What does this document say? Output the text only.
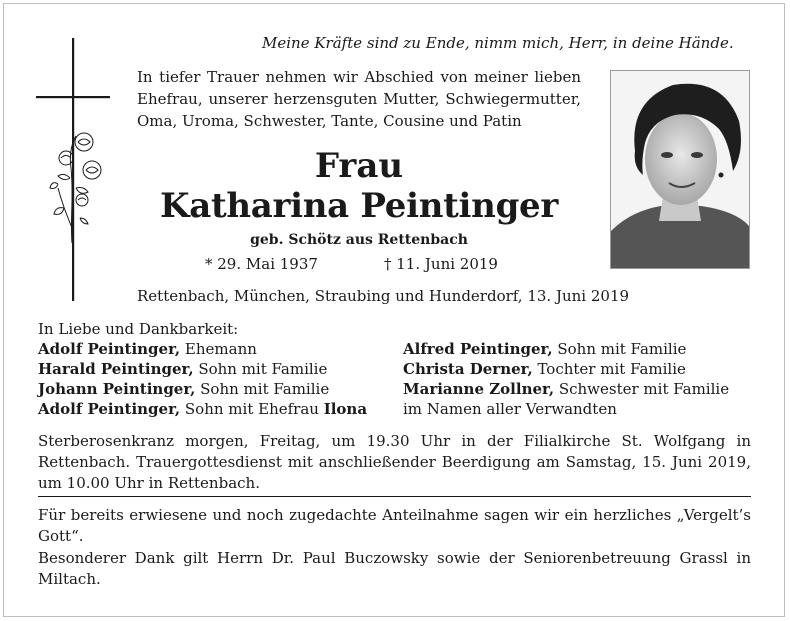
Meine Kräfte sind zu Ende, nimm mich, Herr, in deine Hände.
In tiefer Trauer nehmen wir Abschied von meiner lieben Ehefrau, unserer herzensguten Mutter, Schwiegermutter, Oma, Uroma, Schwester, Tante, Cousine und Patin
Frau
Katharina Peintinger
geb. Schötz aus Rettenbach
* 29. Mai 1937	† 11. Juni 2019
Rettenbach, München, Straubing und Hunderdorf, 13. Juni 2019
In Liebe und Dankbarkeit:
Adolf Peintinger, Ehemann
Harald Peintinger, Sohn mit Familie
Johann Peintinger, Sohn mit Familie
Adolf Peintinger, Sohn mit Ehefrau Ilona
Alfred Peintinger, Sohn mit Familie
Christa Derner, Tochter mit Familie
Marianne Zollner, Schwester mit Familie
im Namen aller Verwandten
Sterberosenkranz morgen, Freitag, um 19.30 Uhr in der Filialkirche St. Wolfgang in Rettenbach. Trauergottesdienst mit anschließender Beerdigung am Samstag, 15. Juni 2019, um 10.00 Uhr in Rettenbach.
Für bereits erwiesene und noch zugedachte Anteilnahme sagen wir ein herzliches „Vergelt’s Gott“.
Besonderer Dank gilt Herrn Dr. Paul Buczowsky sowie der Seniorenbetreuung Grassl in Miltach.
